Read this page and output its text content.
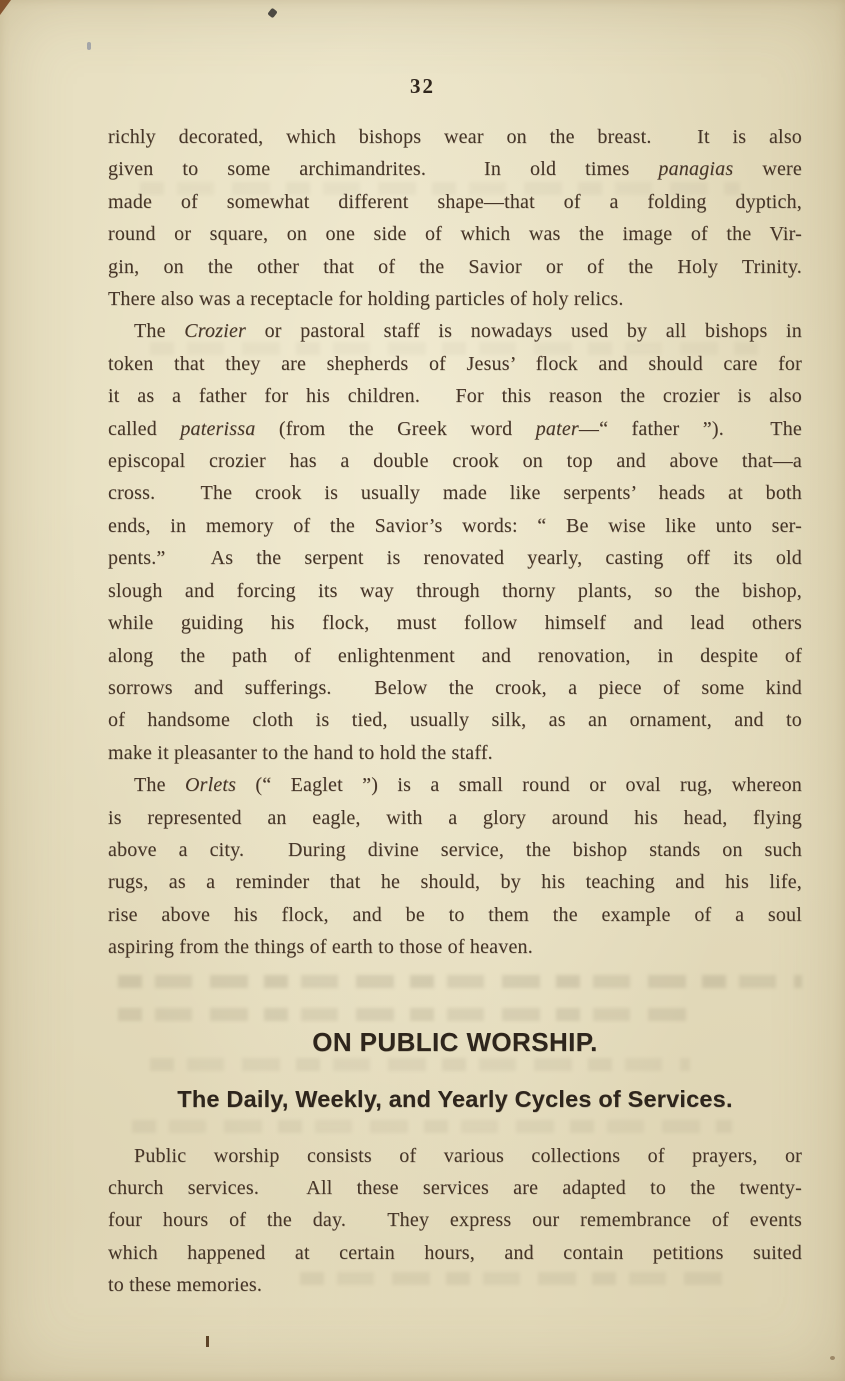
32
richly decorated, which bishops wear on the breast.  It is also
given to some archimandrites.  In old times panagias were
made of somewhat different shape—that of a folding dyptich,
round or square, on one side of which was the image of the Vir-
gin, on the other that of the Savior or of the Holy Trinity.
There also was a receptacle for holding particles of holy relics.
The Crozier or pastoral staff is nowadays used by all bishops in
token that they are shepherds of Jesus’ flock and should care for
it as a father for his children.  For this reason the crozier is also
called paterissa (from the Greek word pater—“ father ”).  The
episcopal crozier has a double crook on top and above that—a
cross.  The crook is usually made like serpents’ heads at both
ends, in memory of the Savior’s words: “ Be wise like unto ser-
pents.”  As the serpent is renovated yearly, casting off its old
slough and forcing its way through thorny plants, so the bishop,
while guiding his flock, must follow himself and lead others
along the path of enlightenment and renovation, in despite of
sorrows and sufferings.  Below the crook, a piece of some kind
of handsome cloth is tied, usually silk, as an ornament, and to
make it pleasanter to the hand to hold the staff.
The Orlets (“ Eaglet ”) is a small round or oval rug, whereon
is represented an eagle, with a glory around his head, flying
above a city.  During divine service, the bishop stands on such
rugs, as a reminder that he should, by his teaching and his life,
rise above his flock, and be to them the example of a soul
aspiring from the things of earth to those of heaven.
ON PUBLIC WORSHIP.
The Daily, Weekly, and Yearly Cycles of Services.
Public worship consists of various collections of prayers, or
church services.  All these services are adapted to the twenty-
four hours of the day.  They express our remembrance of events
which happened at certain hours, and contain petitions suited
to these memories.
